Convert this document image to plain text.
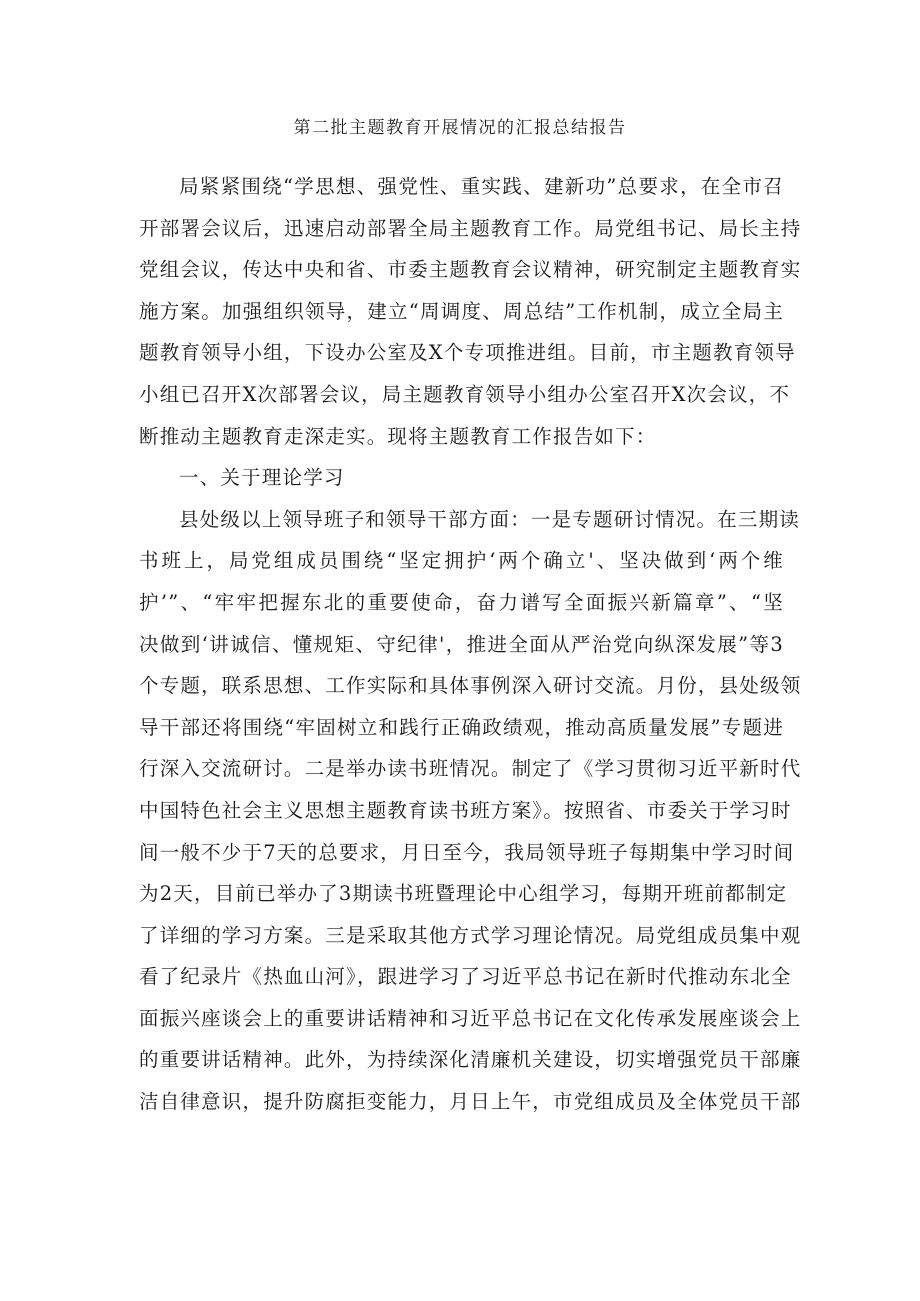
第二批主题教育开展情况的汇报总结报告
局紧紧围绕“学思想、强党性、重实践、建新功”总要求，在全市召
开部署会议后，迅速启动部署全局主题教育工作。局党组书记、局长主持
党组会议，传达中央和省、市委主题教育会议精神，研究制定主题教育实
施方案。加强组织领导，建立“周调度、周总结”工作机制，成立全局主
题教育领导小组，下设办公室及X个专项推进组。目前，市主题教育领导
小组已召开X次部署会议，局主题教育领导小组办公室召开X次会议，不
断推动主题教育走深走实。现将主题教育工作报告如下：
一、关于理论学习
县处级以上领导班子和领导干部方面：一是专题研讨情况。在三期读
书班上，局党组成员围绕“坚定拥护‘两个确立'、坚决做到‘两个维
护’”、“牢牢把握东北的重要使命，奋力谱写全面振兴新篇章”、“坚
决做到‘讲诚信、懂规矩、守纪律'，推进全面从严治党向纵深发展”等3
个专题，联系思想、工作实际和具体事例深入研讨交流。月份，县处级领
导干部还将围绕“牢固树立和践行正确政绩观，推动高质量发展”专题进
行深入交流研讨。二是举办读书班情况。制定了《学习贯彻习近平新时代
中国特色社会主义思想主题教育读书班方案》。按照省、市委关于学习时
间一般不少于7天的总要求，月日至今，我局领导班子每期集中学习时间
为2天，目前已举办了3期读书班暨理论中心组学习，每期开班前都制定
了详细的学习方案。三是采取其他方式学习理论情况。局党组成员集中观
看了纪录片《热血山河》，跟进学习了习近平总书记在新时代推动东北全
面振兴座谈会上的重要讲话精神和习近平总书记在文化传承发展座谈会上
的重要讲话精神。此外，为持续深化清廉机关建设，切实增强党员干部廉
洁自律意识，提升防腐拒变能力，月日上午，市党组成员及全体党员干部
